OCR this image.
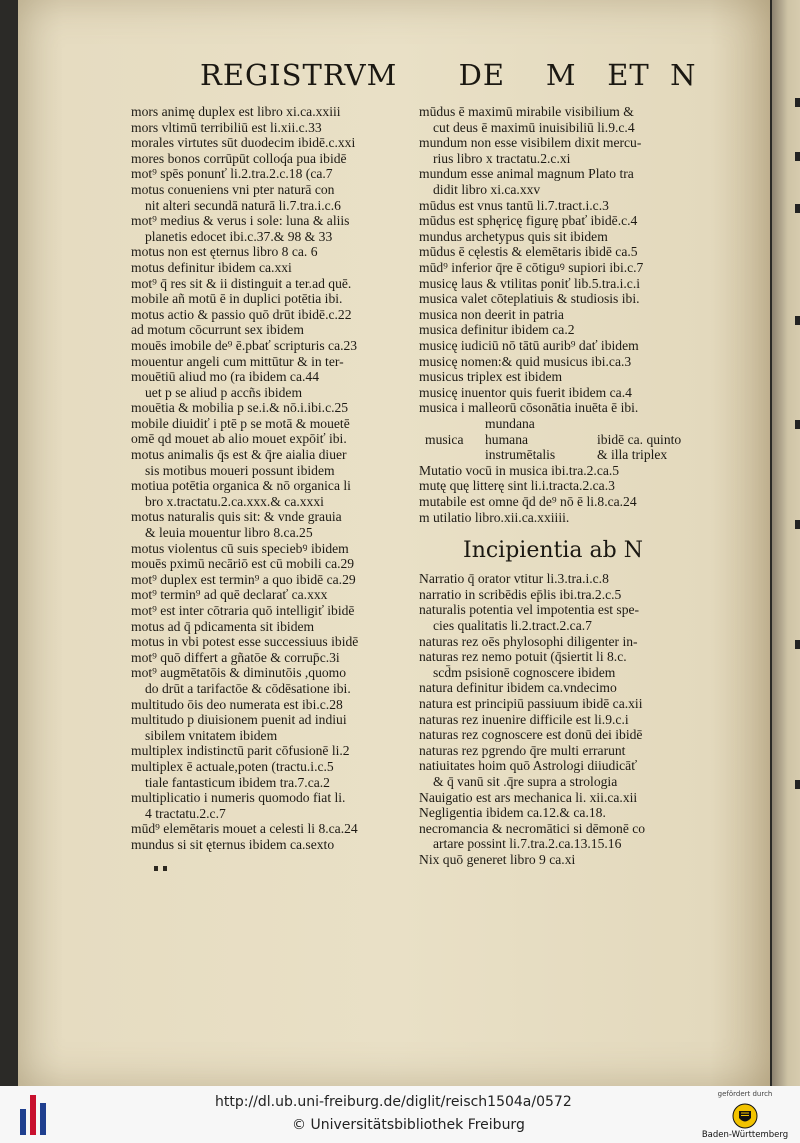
REGISTRVM      DE    M   ET  N
mors animę duplex est libro xi.ca.xxiii
mors vltimū terribiliū est li.xii.c.33
morales virtutes sūt duodecim ibidē.c.xxi
mores bonos corrūpūt colloq́a pua ibidē
mot⁹ spēs ponunť li.2.tra.2.c.18 (ca.7
motus conueniens vni pter naturā con
nit alteri secundā naturā li.7.tra.i.c.6
mot⁹ medius & verus i sole: luna & aliis
planetis edocet ibi.c.37.& 98 & 33
motus non est ęternus libro 8 ca. 6
motus definitur ibidem ca.xxi
mot⁹ q̄ res sit & ii distinguit a ter.ad quē.
mobile añ motū ē in duplici potētia ibi.
motus actio & passio quō drūt ibidē.c.22
ad motum cōcurrunt sex ibidem
mouēs imobile de⁹ ē.pbať scripturis ca.23
mouentur angeli cum mittūtur & in ter-
mouētiū aliud mo (ra ibidem ca.44
uet p se aliud p accñs ibidem
mouētia & mobilia p se.i.& nō.i.ibi.c.25
mobile diuidiť i ptē p se motā & mouetē
omē qd mouet ab alio mouet expōiť ibi.
motus animalis q̄s est & q̄re aialia diuer
sis motibus moueri possunt ibidem
motiua potētia organica & nō organica li
bro x.tractatu.2.ca.xxx.& ca.xxxi
motus naturalis quis sit: & vnde grauia
& leuia mouentur libro 8.ca.25
motus violentus cū suis speciebꝰ ibidem
mouēs pximū necāriō est cū mobili ca.29
mot⁹ duplex est termin⁹ a quo ibidē ca.29
mot⁹ termin⁹ ad quē declarať ca.xxx
mot⁹ est inter cōtraria quō intelligiť ibidē
motus ad q̄ pdicamenta sit ibidem
motus in vbi potest esse successiuus ibidē
mot⁹ quō differt a gñatōe & corrup̄c.3i
mot⁹ augmētatōis & diminutōis ,quomo
do drūt a tarifactōe & cōdēsatione ibi.
multitudo ōis deo numerata est ibi.c.28
multitudo p diuisionem puenit ad indiui
sibilem vnitatem ibidem
multiplex indistinctū parit cōfusionē li.2
multiplex ē actuale,poten (tractu.i.c.5
tiale fantasticum ibidem tra.7.ca.2
multiplicatio i numeris quomodo fiat li.
4 tractatu.2.c.7
mūd⁹ elemētaris mouet a celesti li 8.ca.24
mundus si sit ęternus ibidem ca.sexto
mūdus ē maximū mirabile visibilium &
cut deus ē maximū inuisibiliū li.9.c.4
mundum non esse visibilem dixit mercu-
rius libro x tractatu.2.c.xi
mundum esse animal magnum Plato tra
didit libro xi.ca.xxv
mūdus est vnus tantū li.7.tract.i.c.3
mūdus est sphęricę figurę pbať ibidē.c.4
mundus archetypus quis sit ibidem
mūdus ē cęlestis & elemētaris ibidē ca.5
mūd⁹ inferior q̄re ē cōtiguꝰ supiori ibi.c.7
musicę laus & vtilitas poniť lib.5.tra.i.c.i
musica valet cōteplatiuis & studiosis ibi.
musica non deerit in patria
musica definitur ibidem ca.2
musicę iudiciū nō tātū aurib⁹ dať ibidem
musicę nomen:& quid musicus ibi.ca.3
musicus triplex est ibidem
musicę inuentor quis fuerit ibidem ca.4
musica i malleorū cōsonātia inuēta ē ibi.
mundana
musica humana	ibidē ca. quinto
instrumētalis	& illa triplex
Mutatio vocū in musica ibi.tra.2.ca.5
mutę quę litterę sint li.i.tracta.2.ca.3
mutabile est omne q̄d de⁹ nō ē li.8.ca.24
m utilatio libro.xii.ca.xxiiii.
Incipientia ab N
Narratio q̄ orator vtitur li.3.tra.i.c.8
narratio in scribēdis ep̄lis ibi.tra.2.c.5
naturalis potentia vel impotentia est spe-
cies qualitatis li.2.tract.2.ca.7
naturas rez oēs phylosophi diligenter in-
naturas rez nemo potuit (q̄siertit li 8.c.
scd̄m psisionē cognoscere ibidem
natura definitur ibidem ca.vndecimo
natura est principiū passiuum ibidē ca.xii
naturas rez inuenire difficile est li.9.c.i
naturas rez cognoscere est donū dei ibidē
naturas rez pgrendo q̄re multi errarunt
natiuitates hoim quō Astrologi diiudicāť
& q̄ vanū sit .q̄re supra a strologia
Nauigatio est ars mechanica li. xii.ca.xii
Negligentia ibidem ca.12.& ca.18.
necromancia & necromātici si dēmonē co
artare possint li.7.tra.2.ca.13.15.16
Nix quō generet libro 9 ca.xi
http://dl.ub.uni-freiburg.de/diglit/reisch1504a/0572
© Universitätsbibliothek Freiburg
gefördert durch
Baden-Württemberg
